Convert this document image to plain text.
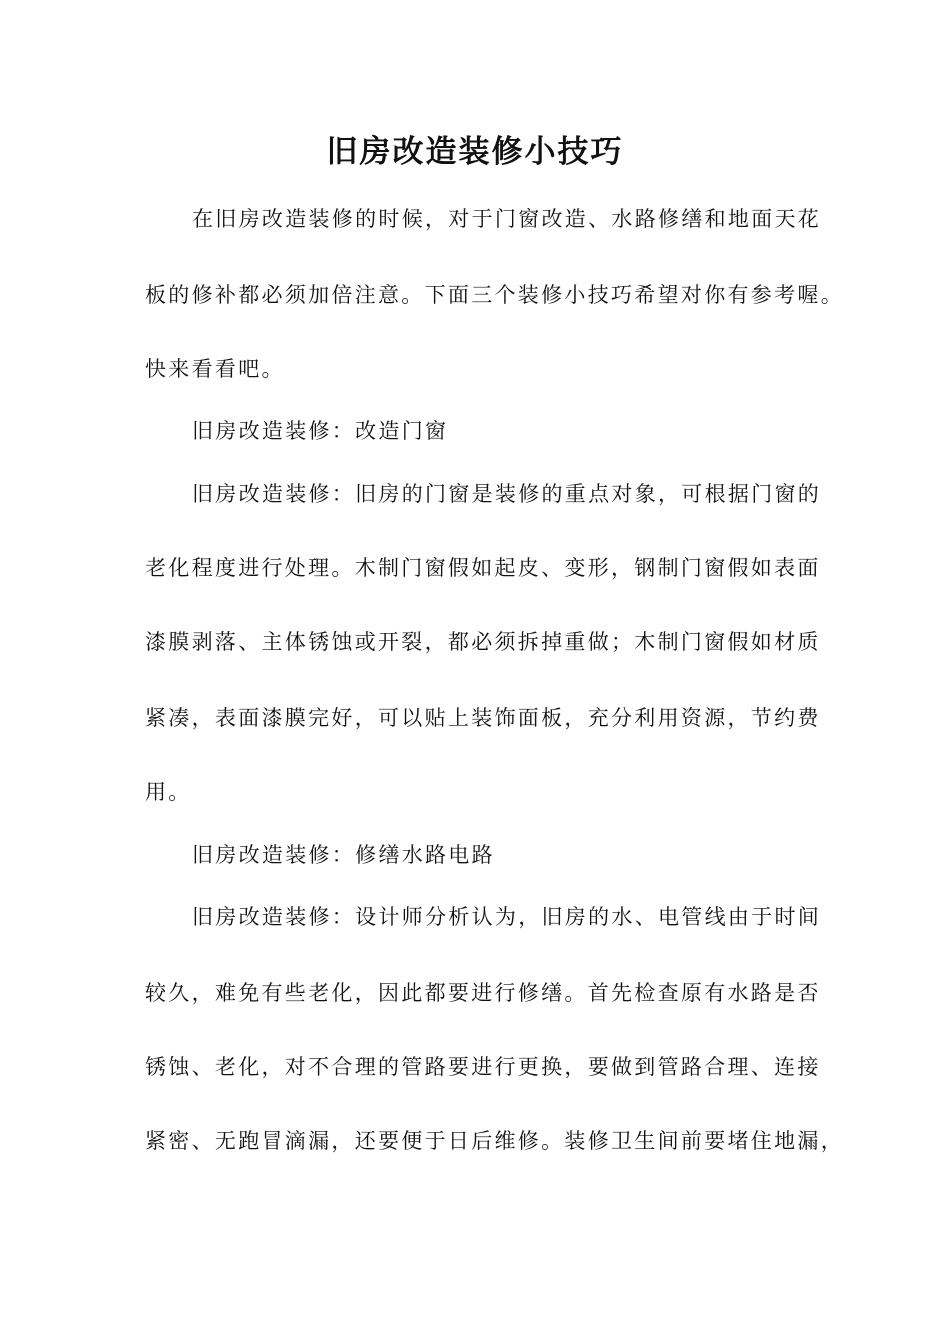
旧房改造装修小技巧
在旧房改造装修的时候，对于门窗改造、水路修缮和地面天花
板的修补都必须加倍注意。下面三个装修小技巧希望对你有参考喔。
快来看看吧。
旧房改造装修：改造门窗
旧房改造装修：旧房的门窗是装修的重点对象，可根据门窗的
老化程度进行处理。木制门窗假如起皮、变形，钢制门窗假如表面
漆膜剥落、主体锈蚀或开裂，都必须拆掉重做；木制门窗假如材质
紧凑，表面漆膜完好，可以贴上装饰面板，充分利用资源，节约费
用。
旧房改造装修：修缮水路电路
旧房改造装修：设计师分析认为，旧房的水、电管线由于时间
较久，难免有些老化，因此都要进行修缮。首先检查原有水路是否
锈蚀、老化，对不合理的管路要进行更换，要做到管路合理、连接
紧密、无跑冒滴漏，还要便于日后维修。装修卫生间前要堵住地漏，
